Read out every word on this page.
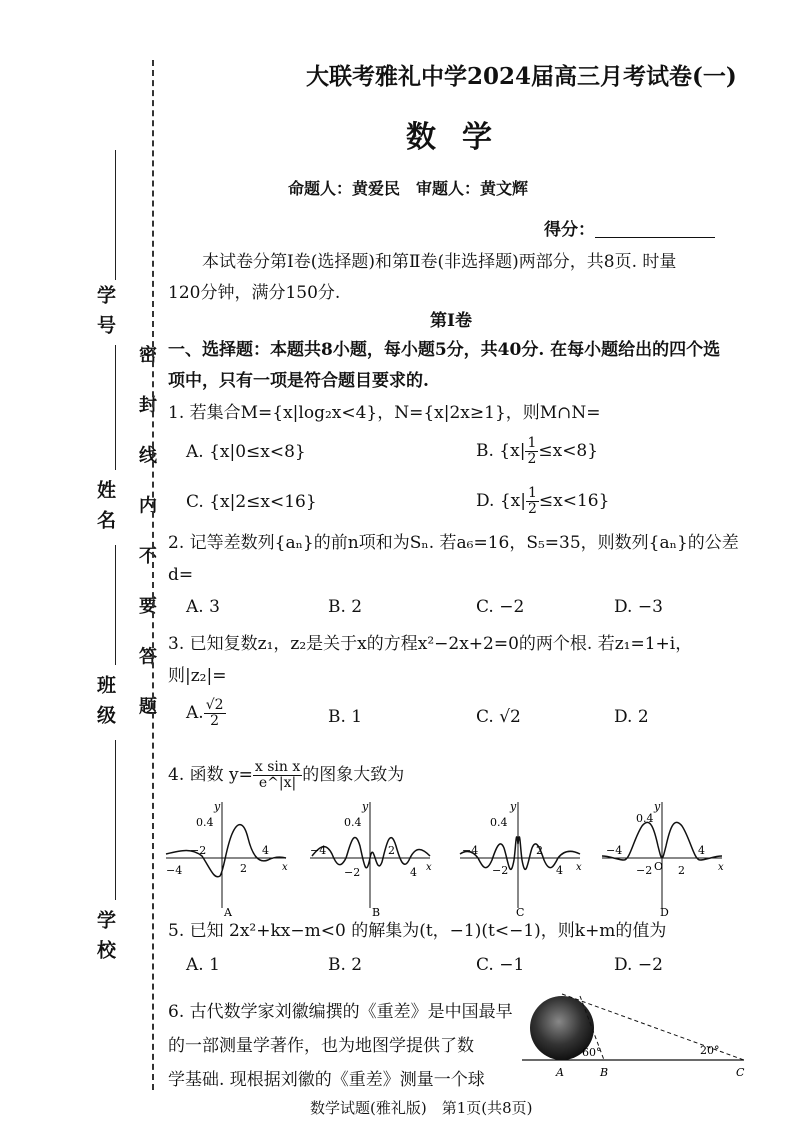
学 号
姓 名
班 级
学 校
密 封 线 内 不 要 答 题
大联考雅礼中学2024届高三月考试卷(一)
数学
命题人：黄爱民　审题人：黄文辉
得分：
本试卷分第Ⅰ卷(选择题)和第Ⅱ卷(非选择题)两部分，共8页. 时量
120分钟，满分150分.
第Ⅰ卷
一、选择题：本题共8小题，每小题5分，共40分. 在每小题给出的四个选
项中，只有一项是符合题目要求的.
1. 若集合M={x|log₂x<4}，N={x|2x≥1}，则M∩N=
A. {x|0≤x<8}	B. $\{x| \frac{1}{2} \le x<8\}$
C. {x|2≤x<16}	D. $\{x| \frac{1}{2} \le x<16\}$
2. 记等差数列{aₙ}的前n项和为Sₙ. 若a₆=16，S₅=35，则数列{aₙ}的公差
d=
A. 3	B. 2	C. −2	D. −3
3. 已知复数z₁，z₂是关于x的方程x²−2x+2=0的两个根. 若z₁=1+i，
则|z₂|=
A. $\frac{√2}{2}$	B. 1	C. √2	D. 2
4. 函数 $y= \frac{\text{x sin x}}{e\^{}|x|}$ 的图象大致为
y
x
0.4
−2
−4	2
4
A
y
x
0.4
−2
−4	2
4
B
y
x
0.4
−2
−4	2
4
C
y
x
0.4
−2
−4
O 2
4
D
5. 已知 2x²+kx−m<0 的解集为(t，−1)(t<−1)，则k+m的值为
A. 1	B. 2	C. −1	D. −2
6. 古代数学家刘徽编撰的《重差》是中国最早
的一部测量学著作，也为地图学提供了数
学基础. 现根据刘徽的《重差》测量一个球	A	B	C
60°	20°
数学试题(雅礼版)　第1页(共8页)
